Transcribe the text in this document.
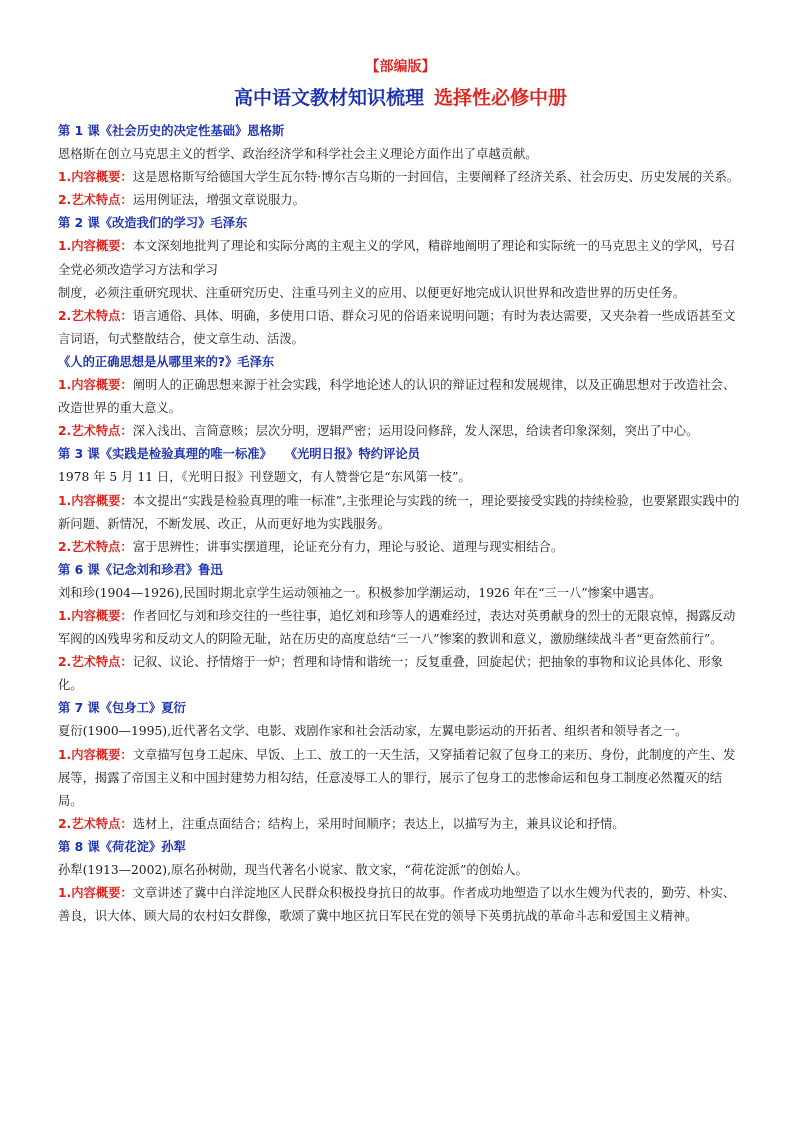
【部编版】
高中语文教材知识梳理 选择性必修中册
第 1 课《社会历史的决定性基础》恩格斯

恩格斯在创立马克思主义的哲学、政治经济学和科学社会主义理论方面作出了卓越贡献。

1.内容概要：这是恩格斯写给德国大学生瓦尔特·博尔吉乌斯的一封回信，主要阐释了经济关系、社会历史、历史发展的关系。

2.艺术特点：运用例证法，增强文章说服力。

第 2 课《改造我们的学习》毛泽东

1.内容概要：本文深刻地批判了理论和实际分离的主观主义的学风，精辟地阐明了理论和实际统一的马克思主义的学风，号召全党必须改造学习方法和学习

制度，必须注重研究现状、注重研究历史、注重马列主义的应用、以便更好地完成认识世界和改造世界的历史任务。

2.艺术特点：语言通俗、具体、明确，多使用口语、群众习见的俗语来说明问题；有时为表达需要，又夹杂着一些成语甚至文言词语，句式整散结合，使文章生动、活泼。

《人的正确思想是从哪里来的?》毛泽东

1.内容概要：阐明人的正确思想来源于社会实践，科学地论述人的认识的辩证过程和发展规律，以及正确思想对于改造社会、改造世界的重大意义。

2.艺术特点：深入浅出、言简意赅；层次分明，逻辑严密；运用设问修辞，发人深思，给读者印象深刻，突出了中心。

第 3 课《实践是检验真理的唯一标准》   《光明日报》特约评论员

1978 年 5 月 11 日，《光明日报》刊登题文，有人赞誉它是“东风第一枝”。

1.内容概要：本文提出“实践是检验真理的唯一标准”,主张理论与实践的统一，理论要接受实践的持续检验，也要紧跟实践中的新问题、新情况，不断发展、改正，从而更好地为实践服务。

2.艺术特点：富于思辨性；讲事实摆道理，论证充分有力，理论与驳论、道理与现实相结合。

第 6 课《记念刘和珍君》鲁迅

刘和珍(1904—1926),民国时期北京学生运动领袖之一。积极参加学潮运动，1926 年在“三一八”惨案中遇害。

1.内容概要：作者回忆与刘和珍交往的一些往事，追忆刘和珍等人的遇难经过，表达对英勇献身的烈士的无限哀悼，揭露反动军阀的凶残卑劣和反动文人的阴险无耻，站在历史的高度总结“三一八”惨案的教训和意义，激励继续战斗者“更奋然前行”。

2.艺术特点：记叙、议论、抒情熔于一炉；哲理和诗情和谐统一；反复重叠，回旋起伏；把抽象的事物和议论具体化、形象化。

第 7 课《包身工》夏衍

夏衍(1900—1995),近代著名文学、电影、戏剧作家和社会活动家，左翼电影运动的开拓者、组织者和领导者之一。

1.内容概要：文章描写包身工起床、早饭、上工、放工的一天生活，又穿插着记叙了包身工的来历、身份，此制度的产生、发展等，揭露了帝国主义和中国封建势力相勾结，任意凌辱工人的罪行，展示了包身工的悲惨命运和包身工制度必然覆灭的结局。

2.艺术特点：选材上，注重点面结合；结构上，采用时间顺序；表达上，以描写为主，兼具议论和抒情。

第 8 课《荷花淀》孙犁

孙犁(1913—2002),原名孙树勋，现当代著名小说家、散文家，“荷花淀派”的创始人。

1.内容概要：文章讲述了冀中白洋淀地区人民群众积极投身抗日的故事。作者成功地塑造了以水生嫂为代表的，勤劳、朴实、善良，识大体、顾大局的农村妇女群像，歌颂了冀中地区抗日军民在党的领导下英勇抗战的革命斗志和爱国主义精神。
